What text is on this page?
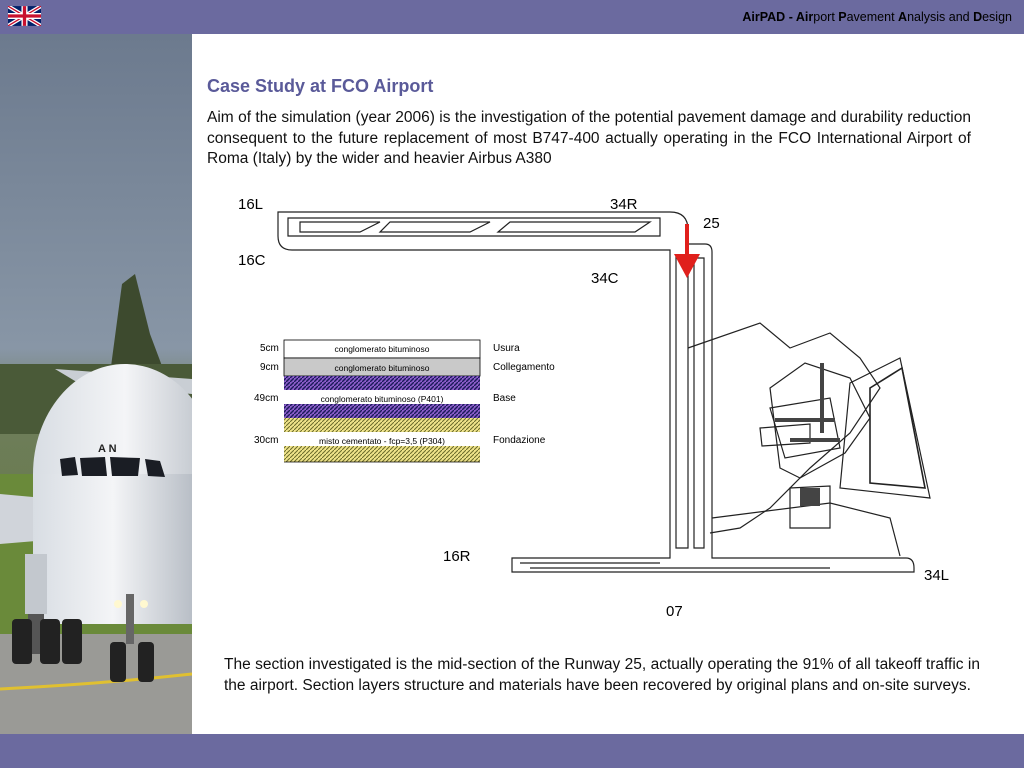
AirPAD - Airport Pavement Analysis and Design
A N
Case Study at FCO Airport

Aim of the simulation (year 2006) is the investigation of the potential pavement damage and durability reduction consequent to the future replacement of most B747-400 actually operating in the FCO International Airport of Roma (Italy) by the wider and heavier Airbus A380

16L	34R
25
16C
34C
16R
34L
07
5cm	conglomerato bituminoso	Usura
9cm	conglomerato bituminoso	Collegamento
49cm	conglomerato bituminoso (P401)	Base
30cm	misto cementato - fcp=3,5 (P304)	Fondazione

The section investigated is the mid-section of the Runway 25, actually operating the 91% of all takeoff traffic in the airport. Section layers structure and materials have been recovered by original plans and on-site surveys.
